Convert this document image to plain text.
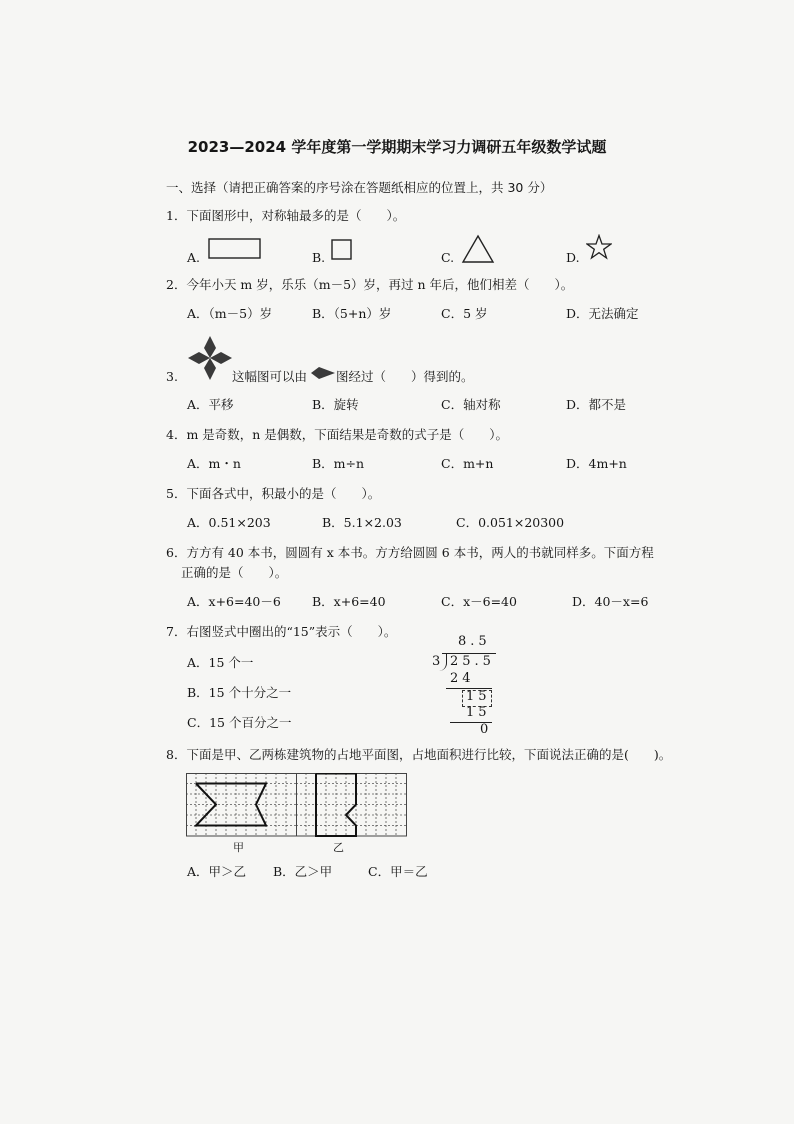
2023—2024 学年度第一学期期末学习力调研五年级数学试题
一、选择（请把正确答案的序号涂在答题纸相应的位置上，共 30 分）
1．下面图形中，对称轴最多的是（　　）。
A.	B.	C.	D.
2．今年小天 m 岁，乐乐（m－5）岁，再过 n 年后，他们相差（　　）。
A．（m－5）岁	B．（5+n）岁	C．5 岁	D．无法确定
3.	这幅图可以由 图经过（　　）得到的。
A．平移	B．旋转	C．轴对称	D．都不是
4．m 是奇数，n 是偶数，下面结果是奇数的式子是（　　）。
A．m・n	B．m÷n	C．m+n	D．4m+n
5．下面各式中，积最小的是（　　）。
A．0.51×203	B．5.1×2.03	C．0.051×20300
6．方方有 40 本书，圆圆有 x 本书。方方给圆圆 6 本书，两人的书就同样多。下面方程
正确的是（　　）。
A．x+6=40－6 B．x+6=40	C．x－6=40	D．40－x=6
7．右图竖式中圈出的“15”表示（　　）。
A．15 个一
B．15 个十分之一
C．15 个百分之一
8.5
3 25.5
24
15
15
0
8．下面是甲、乙两栋建筑物的占地平面图，占地面积进行比较，下面说法正确的是(　　)。
甲	乙
A．甲＞乙 B．乙＞甲	C．甲＝乙
